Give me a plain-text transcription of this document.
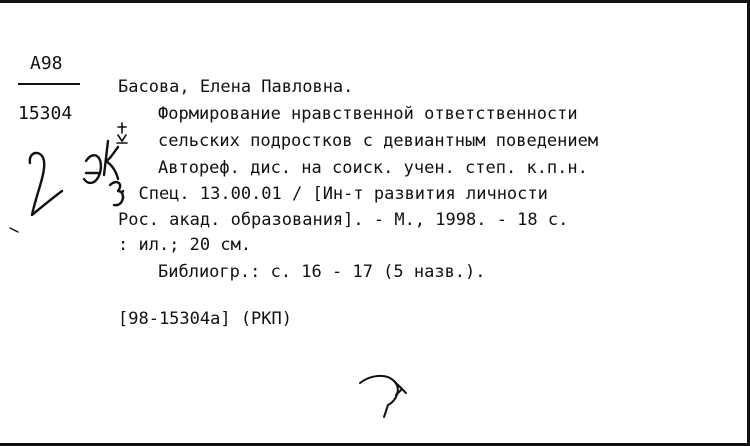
A98
15304
Басова, Елена Павловна.
Формирование нравственной ответственности
сельских подростков с девиантным поведением
Автореф. дис. на соиск. учен. степ. к.п.н.
: Спец. 13.00.01 / [Ин-т развития личности
Рос. акад. образования]. - М., 1998. - 18 с.
: ил.; 20 см.
Библиогр.: с. 16 - 17 (5 назв.).
[98-15304а] (РКП)
